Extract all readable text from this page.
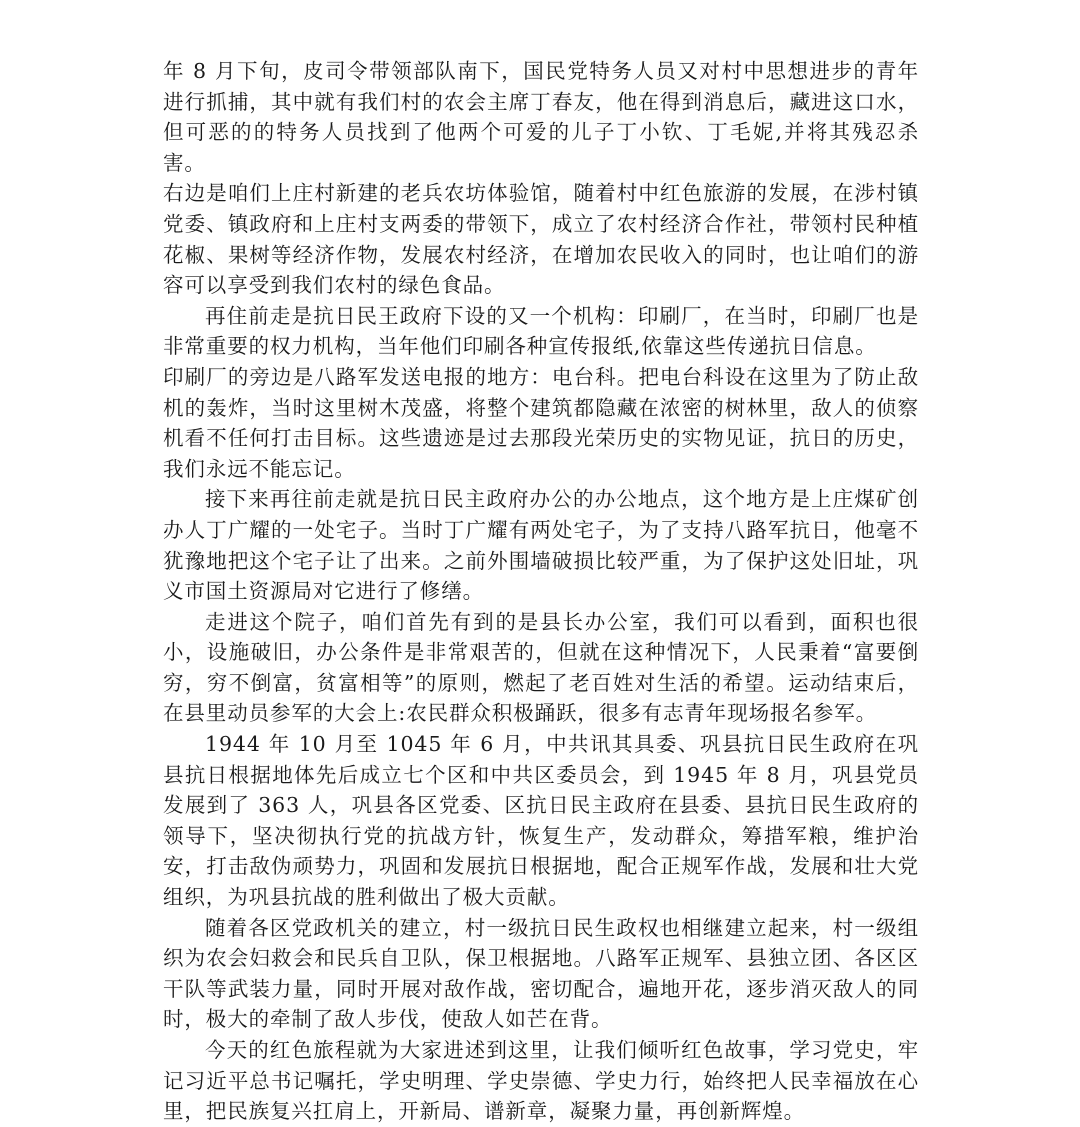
年 8 月下旬，皮司令带领部队南下，国民党特务人员又对村中思想进步的青年进行抓捕，其中就有我们村的农会主席丁春友，他在得到消息后，藏进这口水，但可恶的的特务人员找到了他两个可爱的儿子丁小钦、丁毛妮,并将其残忍杀害。

右边是咱们上庄村新建的老兵农坊体验馆，随着村中红色旅游的发展，在涉村镇党委、镇政府和上庄村支两委的带领下，成立了农村经济合作社，带领村民种植花椒、果树等经济作物，发展农村经济，在增加农民收入的同时，也让咱们的游容可以享受到我们农村的绿色食品。

再住前走是抗日民王政府下设的又一个机构：印刷厂，在当时，印刷厂也是非常重要的权力机构，当年他们印刷各种宣传报纸,依靠这些传递抗日信息。

印刷厂的旁边是八路军发送电报的地方：电台科。把电台科设在这里为了防止敌机的轰炸，当时这里树木茂盛，将整个建筑都隐藏在浓密的树林里，敌人的侦察机看不任何打击目标。这些遗迹是过去那段光荣历史的实物见证，抗日的历史，我们永远不能忘记。

接下来再往前走就是抗日民主政府办公的办公地点，这个地方是上庄煤矿创办人丁广耀的一处宅子。当时丁广耀有两处宅子，为了支持八路军抗日，他毫不犹豫地把这个宅子让了出来。之前外围墙破损比较严重，为了保护这处旧址，巩义市国土资源局对它进行了修缮。

走进这个院子，咱们首先有到的是县长办公室，我们可以看到，面积也很小，设施破旧，办公条件是非常艰苦的，但就在这种情况下，人民秉着“富要倒穷，穷不倒富，贫富相等”的原则，燃起了老百姓对生活的希望。运动结束后，在县里动员参军的大会上:农民群众积极踊跃，很多有志青年现场报名参军。

1944 年 10 月至 1045 年 6 月，中共讯其具委、巩县抗日民生政府在巩县抗日根据地体先后成立七个区和中共区委员会，到 1945 年 8 月，巩县党员发展到了 363 人，巩县各区党委、区抗日民主政府在县委、县抗日民生政府的领导下，坚决彻执行党的抗战方针，恢复生产，发动群众，筹措军粮，维护治安，打击敌伪顽势力，巩固和发展抗日根据地，配合正规军作战，发展和壮大党组织，为巩县抗战的胜利做出了极大贡献。

随着各区党政机关的建立，村一级抗日民生政权也相继建立起来，村一级组织为农会妇救会和民兵自卫队，保卫根据地。八路军正规军、县独立团、各区区干队等武装力量，同时开展对敌作战，密切配合，遍地开花，逐步消灭敌人的同时，极大的牵制了敌人步伐，使敌人如芒在背。

今天的红色旅程就为大家进述到这里，让我们倾听红色故事，学习党史，牢记习近平总书记嘱托，学史明理、学史崇德、学史力行，始终把人民幸福放在心里，把民族复兴扛肩上，开新局、谱新章，凝聚力量，再创新辉煌。
